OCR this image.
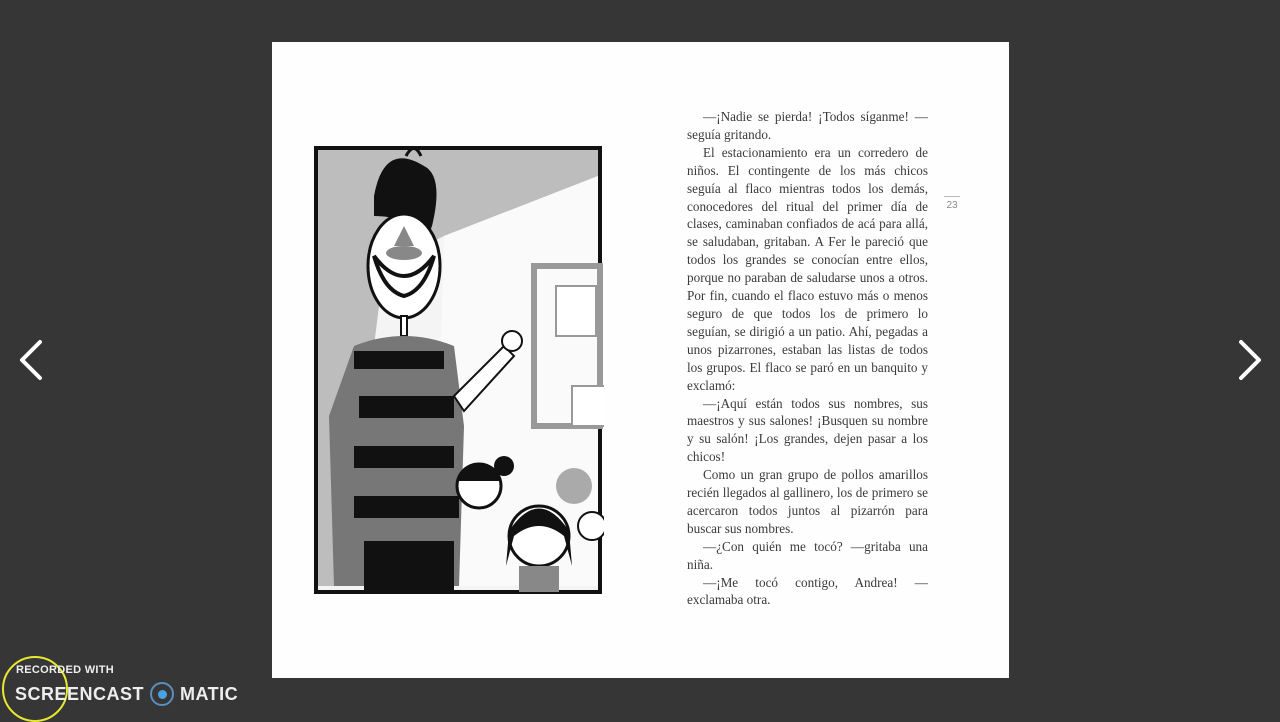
—¡Nadie se pierda! ¡Todos síganme! —seguía gritando.

El estacionamiento era un corredero de niños. El contingente de los más chicos seguía al flaco mientras todos los demás, conocedores del ritual del primer día de clases, caminaban confiados de acá para allá, se saludaban, gritaban. A Fer le pareció que todos los grandes se conocían entre ellos, porque no paraban de saludarse unos a otros. Por fin, cuando el flaco estuvo más o menos seguro de que todos los de primero lo seguían, se dirigió a un patio. Ahí, pegadas a unos pizarrones, estaban las listas de todos los grupos. El flaco se paró en un banquito y exclamó:

—¡Aquí están todos sus nombres, sus maestros y sus salones! ¡Busquen su nombre y su salón! ¡Los grandes, dejen pasar a los chicos!

Como un gran grupo de pollos amarillos recién llegados al gallinero, los de primero se acercaron todos juntos al pizarrón para buscar sus nombres.

—¿Con quién me tocó? —gritaba una niña.

—¡Me tocó contigo, Andrea! —exclamaba otra.

23
RECORDED WITH
SCREENCAST MATIC
